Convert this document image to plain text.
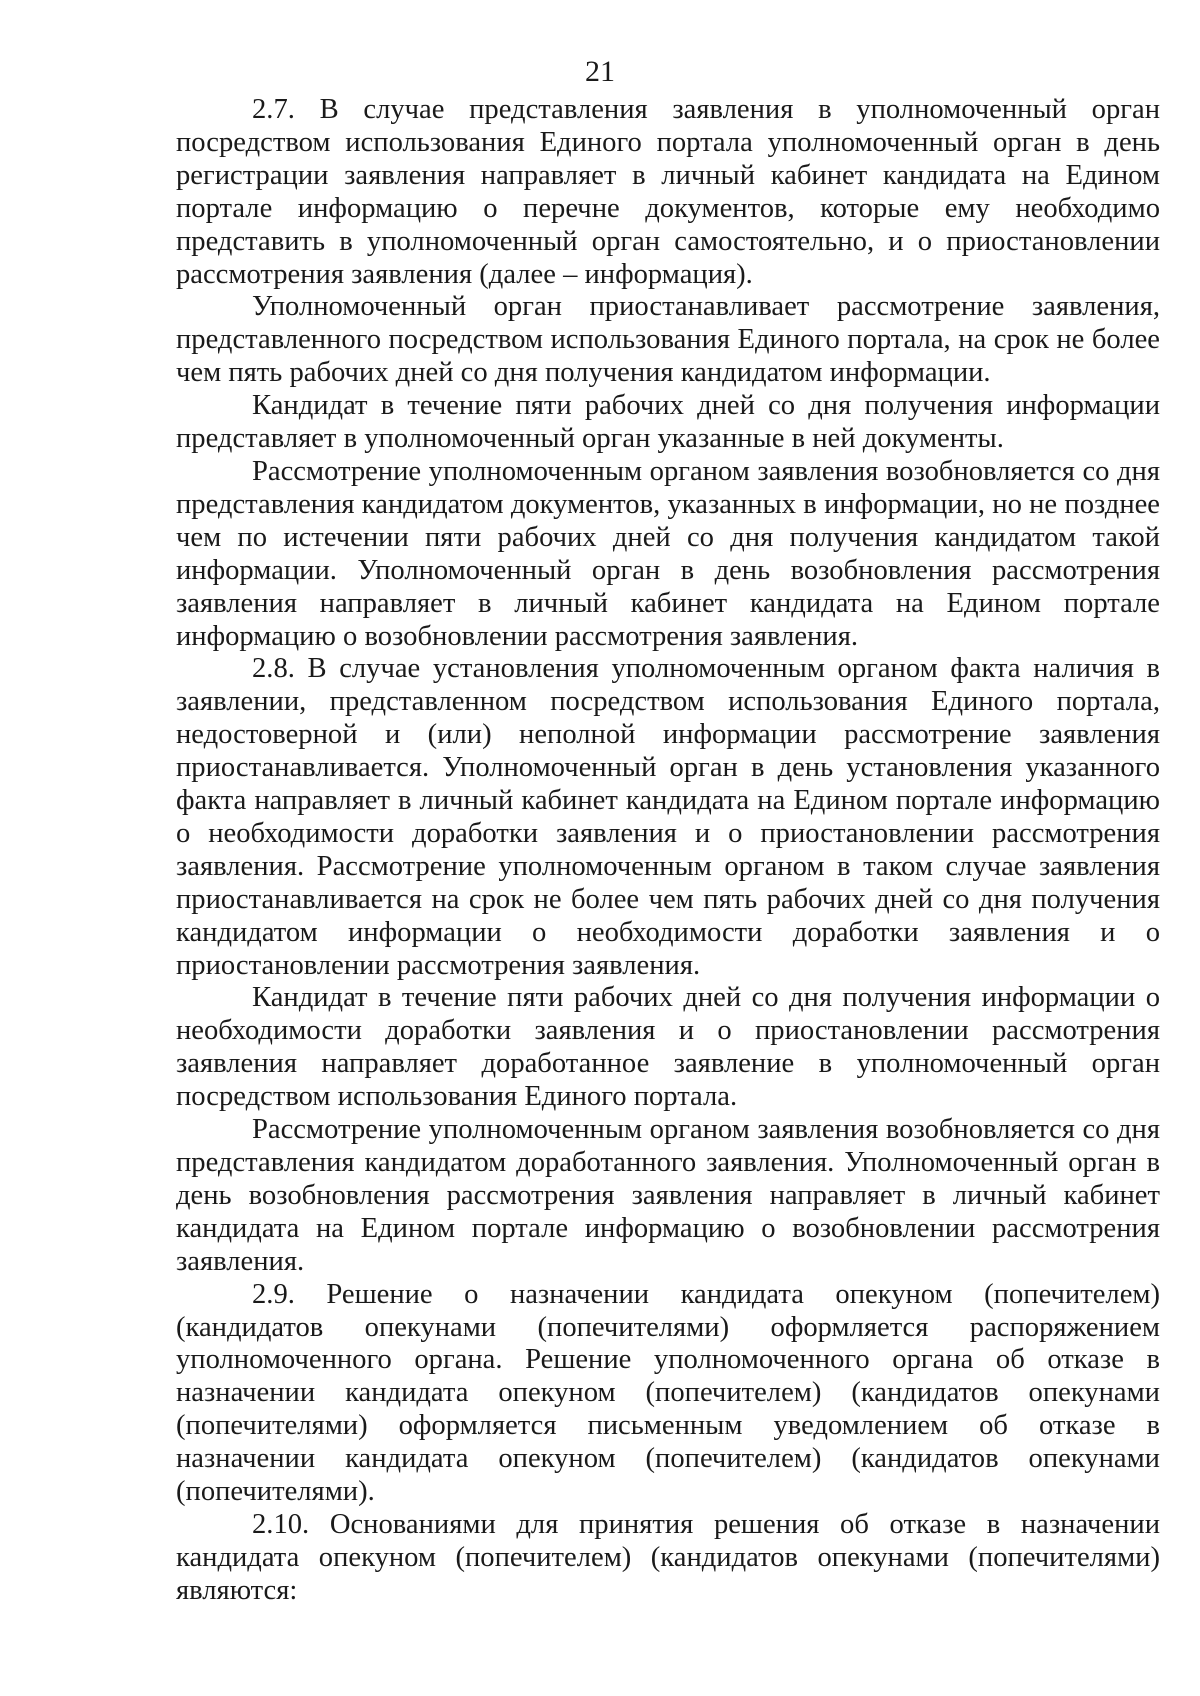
21

2.7. В случае представления заявления в уполномоченный орган посредством использования Единого портала уполномоченный орган в день регистрации заявления направляет в личный кабинет кандидата на Едином портале информацию о перечне документов, которые ему необходимо представить в уполномоченный орган самостоятельно, и о приостановлении рассмотрения заявления (далее – информация).

Уполномоченный орган приостанавливает рассмотрение заявления, представленного посредством использования Единого портала, на срок не более чем пять рабочих дней со дня получения кандидатом информации.

Кандидат в течение пяти рабочих дней со дня получения информации представляет в уполномоченный орган указанные в ней документы.

Рассмотрение уполномоченным органом заявления возобновляется со дня представления кандидатом документов, указанных в информации, но не позднее чем по истечении пяти рабочих дней со дня получения кандидатом такой информации. Уполномоченный орган в день возобновления рассмотрения заявления направляет в личный кабинет кандидата на Едином портале информацию о возобновлении рассмотрения заявления.

2.8. В случае установления уполномоченным органом факта наличия в заявлении, представленном посредством использования Единого портала, недостоверной и (или) неполной информации рассмотрение заявления приостанавливается. Уполномоченный орган в день установления указанного факта направляет в личный кабинет кандидата на Едином портале информацию о необходимости доработки заявления и о приостановлении рассмотрения заявления. Рассмотрение уполномоченным органом в таком случае заявления приостанавливается на срок не более чем пять рабочих дней со дня получения кандидатом информации о необходимости доработки заявления и о приостановлении рассмотрения заявления.

Кандидат в течение пяти рабочих дней со дня получения информации о необходимости доработки заявления и о приостановлении рассмотрения заявления направляет доработанное заявление в уполномоченный орган посредством использования Единого портала.

Рассмотрение уполномоченным органом заявления возобновляется со дня представления кандидатом доработанного заявления. Уполномоченный орган в день возобновления рассмотрения заявления направляет в личный кабинет кандидата на Едином портале информацию о возобновлении рассмотрения заявления.

2.9. Решение о назначении кандидата опекуном (попечителем) (кандидатов опекунами (попечителями) оформляется распоряжением уполномоченного органа. Решение уполномоченного органа об отказе в назначении кандидата опекуном (попечителем) (кандидатов опекунами (попечителями) оформляется письменным уведомлением об отказе в назначении кандидата опекуном (попечителем) (кандидатов опекунами (попечителями).

2.10. Основаниями для принятия решения об отказе в назначении кандидата опекуном (попечителем) (кандидатов опекунами (попечителями) являются:
